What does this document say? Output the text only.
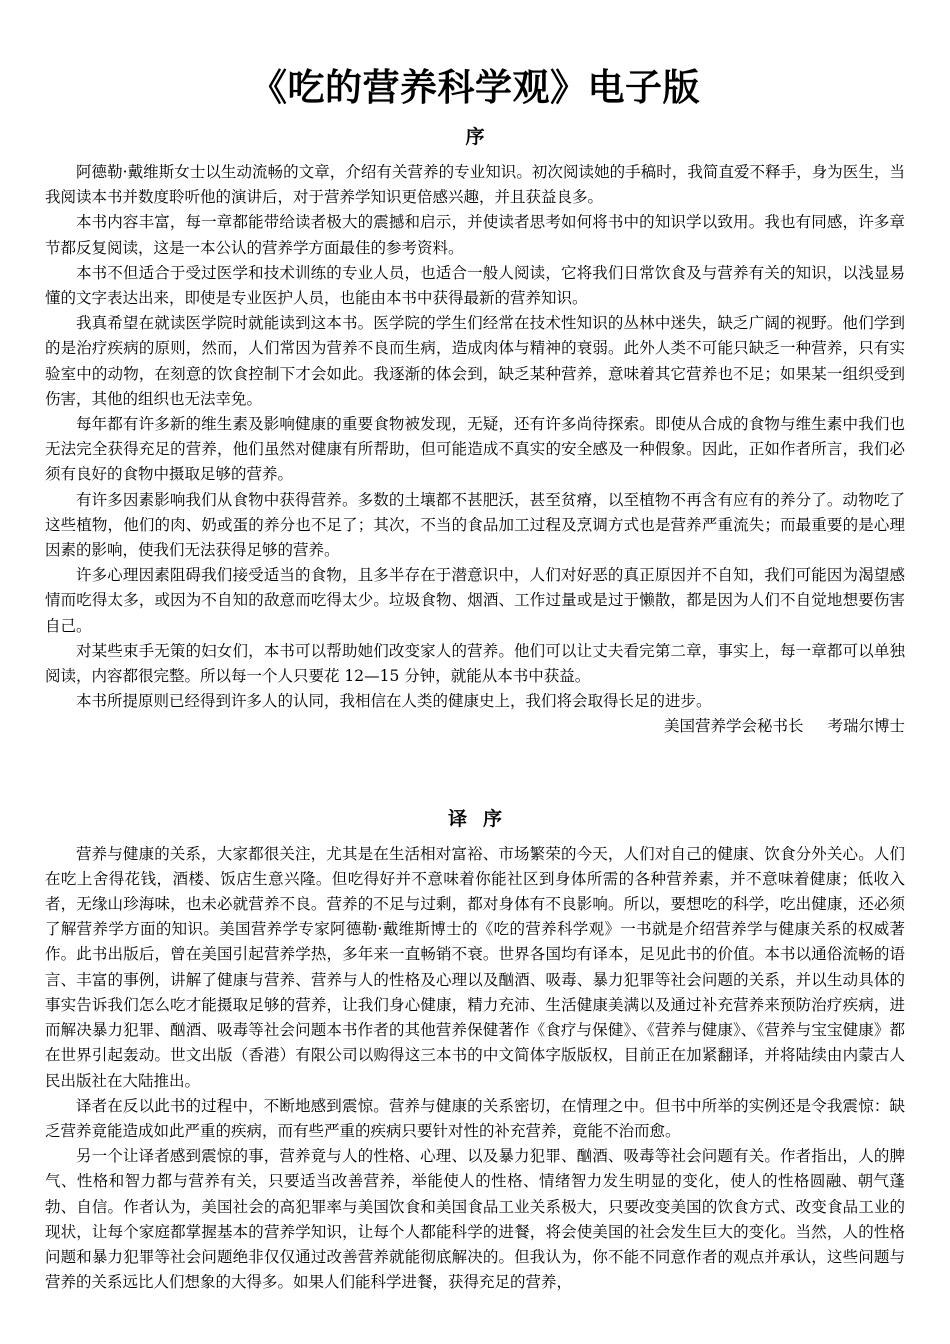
《吃的营养科学观》电子版
序

阿德勒·戴维斯女士以生动流畅的文章，介绍有关营养的专业知识。初次阅读她的手稿时，我简直爱不释手，身为医生，当我阅读本书并数度聆听他的演讲后，对于营养学知识更倍感兴趣，并且获益良多。

本书内容丰富，每一章都能带给读者极大的震撼和启示，并使读者思考如何将书中的知识学以致用。我也有同感，许多章节都反复阅读，这是一本公认的营养学方面最佳的参考资料。

本书不但适合于受过医学和技术训练的专业人员，也适合一般人阅读，它将我们日常饮食及与营养有关的知识，以浅显易懂的文字表达出来，即使是专业医护人员，也能由本书中获得最新的营养知识。

我真希望在就读医学院时就能读到这本书。医学院的学生们经常在技术性知识的丛林中迷失，缺乏广阔的视野。他们学到的是治疗疾病的原则，然而，人们常因为营养不良而生病，造成肉体与精神的衰弱。此外人类不可能只缺乏一种营养，只有实验室中的动物，在刻意的饮食控制下才会如此。我逐渐的体会到，缺乏某种营养，意味着其它营养也不足；如果某一组织受到伤害，其他的组织也无法幸免。

每年都有许多新的维生素及影响健康的重要食物被发现，无疑，还有许多尚待探索。即使从合成的食物与维生素中我们也无法完全获得充足的营养，他们虽然对健康有所帮助，但可能造成不真实的安全感及一种假象。因此，正如作者所言，我们必须有良好的食物中摄取足够的营养。

有许多因素影响我们从食物中获得营养。多数的土壤都不甚肥沃，甚至贫瘠，以至植物不再含有应有的养分了。动物吃了这些植物，他们的肉、奶或蛋的养分也不足了；其次，不当的食品加工过程及烹调方式也是营养严重流失；而最重要的是心理因素的影响，使我们无法获得足够的营养。

许多心理因素阻碍我们接受适当的食物，且多半存在于潜意识中，人们对好恶的真正原因并不自知，我们可能因为渴望感情而吃得太多，或因为不自知的敌意而吃得太少。垃圾食物、烟酒、工作过量或是过于懒散，都是因为人们不自觉地想要伤害自己。

对某些束手无策的妇女们，本书可以帮助她们改变家人的营养。他们可以让丈夫看完第二章，事实上，每一章都可以单独阅读，内容都很完整。所以每一个人只要花 12—15 分钟，就能从本书中获益。

本书所提原则已经得到许多人的认同，我相信在人类的健康史上，我们将会取得长足的进步。

美国营养学会秘书长 考瑞尔博士

译序

营养与健康的关系，大家都很关注，尤其是在生活相对富裕、市场繁荣的今天，人们对自己的健康、饮食分外关心。人们在吃上舍得花钱，酒楼、饭店生意兴隆。但吃得好并不意味着你能社区到身体所需的各种营养素，并不意味着健康；低收入者，无缘山珍海味，也未必就营养不良。营养的不足与过剩，都对身体有不良影响。所以，要想吃的科学，吃出健康，还必须了解营养学方面的知识。美国营养学专家阿德勒·戴维斯博士的《吃的营养科学观》一书就是介绍营养学与健康关系的权威著作。此书出版后，曾在美国引起营养学热，多年来一直畅销不衰。世界各国均有译本，足见此书的价值。本书以通俗流畅的语言、丰富的事例，讲解了健康与营养、营养与人的性格及心理以及酗酒、吸毒、暴力犯罪等社会问题的关系，并以生动具体的事实告诉我们怎么吃才能摄取足够的营养，让我们身心健康，精力充沛、生活健康美满以及通过补充营养来预防治疗疾病，进而解决暴力犯罪、酗酒、吸毒等社会问题本书作者的其他营养保健著作《食疗与保健》、《营养与健康》、《营养与宝宝健康》都在世界引起轰动。世文出版（香港）有限公司以购得这三本书的中文简体字版版权，目前正在加紧翻译，并将陆续由内蒙古人民出版社在大陆推出。

译者在反以此书的过程中，不断地感到震惊。营养与健康的关系密切，在情理之中。但书中所举的实例还是令我震惊：缺乏营养竟能造成如此严重的疾病，而有些严重的疾病只要针对性的补充营养，竟能不治而愈。

另一个让译者感到震惊的事，营养竟与人的性格、心理、以及暴力犯罪、酗酒、吸毒等社会问题有关。作者指出，人的脾气、性格和智力都与营养有关，只要适当改善营养，举能使人的性格、情绪智力发生明显的变化，使人的性格圆融、朝气蓬勃、自信。作者认为，美国社会的高犯罪率与美国饮食和美国食品工业关系极大，只要改变美国的饮食方式、改变食品工业的现状，让每个家庭都掌握基本的营养学知识，让每个人都能科学的进餐，将会使美国的社会发生巨大的变化。当然，人的性格问题和暴力犯罪等社会问题绝非仅仅通过改善营养就能彻底解决的。但我认为，你不能不同意作者的观点并承认，这些问题与营养的关系远比人们想象的大得多。如果人们能科学进餐，获得充足的营养，
